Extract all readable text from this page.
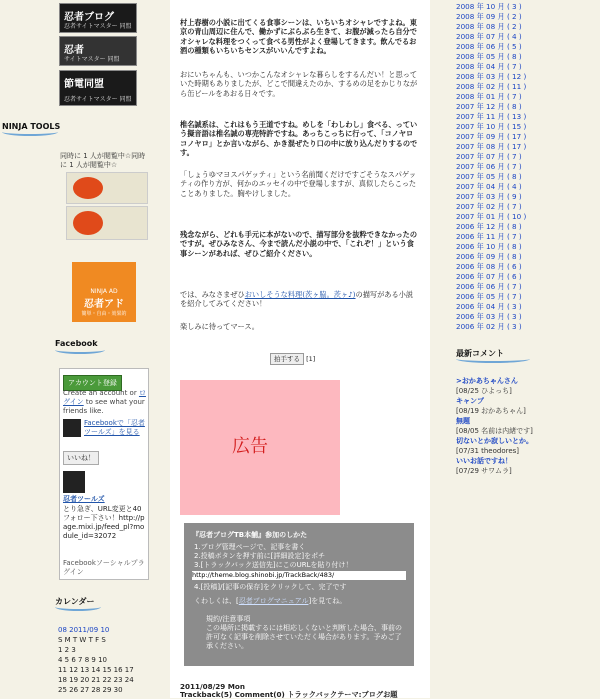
忍者ブログ
忍者サイトマスター 同盟
忍者
サイトマスター 同盟
節電同盟
忍者サイトマスター 同盟
NINJA TOOLS
同時に 1 人が閲覧中☆同時に 1 人が閲覧中☆
NINJA AD
忍者アド
簡単・自由・効果的
Facebook
アカウント登録
Create an account or ログイン to see what your friends like.
Facebookで「忍者ツールズ」を見る
いいね！
忍者ツールズ
とり急ぎ、URL変更と40フォロー下さい！http://page.mixi.jp/feed_pl?module_id=32072
Facebookソーシャルプラグイン
カレンダー
08 2011/09 10
S M T W T F S
1 2 3
4 5 6 7 8 9 10
11 12 13 14 15 16 17
18 19 20 21 22 23 24
25 26 27 28 29 30

村上春樹の小説に出てくる食事シーンは、いちいちオシャレですよね。東京の青山周辺に住んで、働かずにぶらぶら生きて、お腹が減ったら自分でオシャレな料理をつくって食べる男性がよく登場してきます。飲んでるお酒の種類もいちいちセンスがいいんですよね。

おにいちゃんも、いつかこんなオシャレな暮らしをするんだい！と思っていた時期もありましたが、どこで間違えたのか、するめの足をかじりながら缶ビールをあおる日々です。

椎名誠系は、これはもう王道ですね。めしを「わしわし」食べる、っていう擬音語は椎名誠の専売特許ですね。あっちこっちに行って、「コノヤロコノヤロ」とか言いながら、かき混ぜたり口の中に放り込んだりするのです。

「しょうゆマヨスパゲッティ」という名前聞くだけですごそうなスパゲッティの作り方が、何かのエッセイの中で登場しますが、真似したらこったことありました。胸やけしました。

残念ながら、どれも手元に本がないので、描写部分を抜粋できなかったのですが。ぜひみなさん、今まで読んだ小説の中で、「これぞ！」という食事シーンがあれば、ぜひご紹介ください。

では、みなさまぜひおいしそうな料理(茨ヶ脇。茨ヶ♪)の描写がある小説を紹介してみてください！

楽しみに待ってマース。

拍手する [1]
広告
『忍者ブログTB本舗』参加のしかた
1.ブログ管理ページで、記事を書く
2.投稿ボタンを押す前に[詳細設定]をポチ
3.[トラックバック送信先]にこのURLを貼り付け！
http://theme.blog.shinobi.jp/TrackBack/483/
4.[投稿]/[記事の保存]をクリックして、完了です
くわしくは、[忍者ブログマニュアル]を見てね。
規約/注意事項
この場所に掲載するには相応しくないと判断した場合、事前の許可なく記事を削除させていただく場合があります。予めご了承ください。
2011/08/29 Mon
Trackback(5) Comment(0) トラックバックテーマ:ブログお題
2008 年 10 月 ( 3 )
2008 年 09 月 ( 2 )
2008 年 08 月 ( 2 )
2008 年 07 月 ( 4 )
2008 年 06 月 ( 5 )
2008 年 05 月 ( 8 )
2008 年 04 月 ( 7 )
2008 年 03 月 ( 12 )
2008 年 02 月 ( 11 )
2008 年 01 月 ( 7 )
2007 年 12 月 ( 8 )
2007 年 11 月 ( 13 )
2007 年 10 月 ( 15 )
2007 年 09 月 ( 17 )
2007 年 08 月 ( 17 )
2007 年 07 月 ( 7 )
2007 年 06 月 ( 7 )
2007 年 05 月 ( 8 )
2007 年 04 月 ( 4 )
2007 年 03 月 ( 9 )
2007 年 02 月 ( 7 )
2007 年 01 月 ( 10 )
2006 年 12 月 ( 8 )
2006 年 11 月 ( 7 )
2006 年 10 月 ( 8 )
2006 年 09 月 ( 8 )
2006 年 08 月 ( 6 )
2006 年 07 月 ( 6 )
2006 年 06 月 ( 7 )
2006 年 05 月 ( 7 )
2006 年 04 月 ( 3 )
2006 年 03 月 ( 3 )
2006 年 02 月 ( 3 )
最新コメント
>おかあちゃんさん
[08/25 ひよっち]
キャンプ
[08/19 おかあちゃん]
無題
[08/05 名前は内緒です]
切ないとか寂しいとか。
[07/31 theodores]
いいお話ですね！
[07/29 サワムラ]
